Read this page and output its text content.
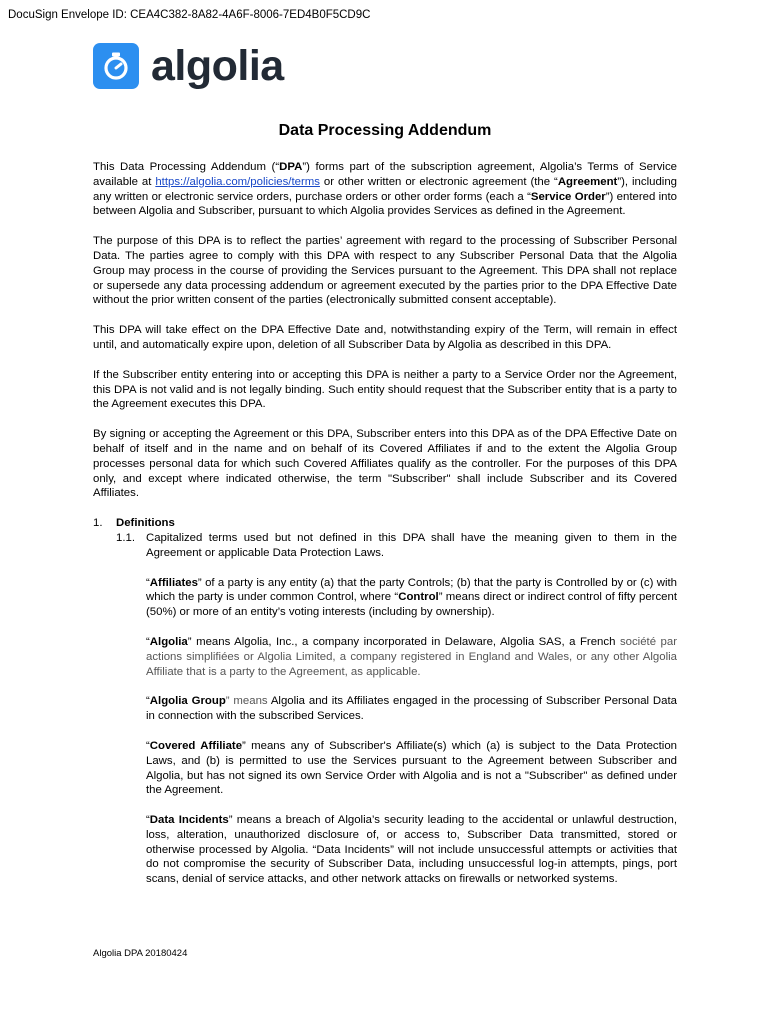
DocuSign Envelope ID: CEA4C382-8A82-4A6F-8006-7ED4B0F5CD9C
algolia
Data Processing Addendum

This Data Processing Addendum (“DPA”) forms part of the subscription agreement, Algolia’s Terms of Service available at https://algolia.com/policies/terms or other written or electronic agreement (the “Agreement”), including any written or electronic service orders, purchase orders or other order forms (each a “Service Order”) entered into between Algolia and Subscriber, pursuant to which Algolia provides Services as defined in the Agreement.

The purpose of this DPA is to reflect the parties’ agreement with regard to the processing of Subscriber Personal Data. The parties agree to comply with this DPA with respect to any Subscriber Personal Data that the Algolia Group may process in the course of providing the Services pursuant to the Agreement. This DPA shall not replace or supersede any data processing addendum or agreement executed by the parties prior to the DPA Effective Date without the prior written consent of the parties (electronically submitted consent acceptable).

This DPA will take effect on the DPA Effective Date and, notwithstanding expiry of the Term, will remain in effect until, and automatically expire upon, deletion of all Subscriber Data by Algolia as described in this DPA.

If the Subscriber entity entering into or accepting this DPA is neither a party to a Service Order nor the Agreement, this DPA is not valid and is not legally binding. Such entity should request that the Subscriber entity that is a party to the Agreement executes this DPA.

By signing or accepting the Agreement or this DPA, Subscriber enters into this DPA as of the DPA Effective Date on behalf of itself and in the name and on behalf of its Covered Affiliates if and to the extent the Algolia Group processes personal data for which such Covered Affiliates qualify as the controller. For the purposes of this DPA only, and except where indicated otherwise, the term "Subscriber" shall include Subscriber and its Covered Affiliates.

1.	Definitions
1.1. Capitalized terms used but not defined in this DPA shall have the meaning given to them in the Agreement or applicable Data Protection Laws.
“Affiliates” of a party is any entity (a) that the party Controls; (b) that the party is Controlled by or (c) with which the party is under common Control, where “Control” means direct or indirect control of fifty percent (50%) or more of an entity’s voting interests (including by ownership).
“Algolia” means Algolia, Inc., a company incorporated in Delaware, Algolia SAS, a French société par actions simplifiées or Algolia Limited, a company registered in England and Wales, or any other Algolia Affiliate that is a party to the Agreement, as applicable.
“Algolia Group” means Algolia and its Affiliates engaged in the processing of Subscriber Personal Data in connection with the subscribed Services.
“Covered Affiliate” means any of Subscriber's Affiliate(s) which (a) is subject to the Data Protection Laws, and (b) is permitted to use the Services pursuant to the Agreement between Subscriber and Algolia, but has not signed its own Service Order with Algolia and is not a "Subscriber" as defined under the Agreement.
“Data Incidents” means a breach of Algolia’s security leading to the accidental or unlawful destruction, loss, alteration, unauthorized disclosure of, or access to, Subscriber Data transmitted, stored or otherwise processed by Algolia. “Data Incidents” will not include unsuccessful attempts or activities that do not compromise the security of Subscriber Data, including unsuccessful log-in attempts, pings, port scans, denial of service attacks, and other network attacks on firewalls or networked systems.
Algolia DPA 20180424
